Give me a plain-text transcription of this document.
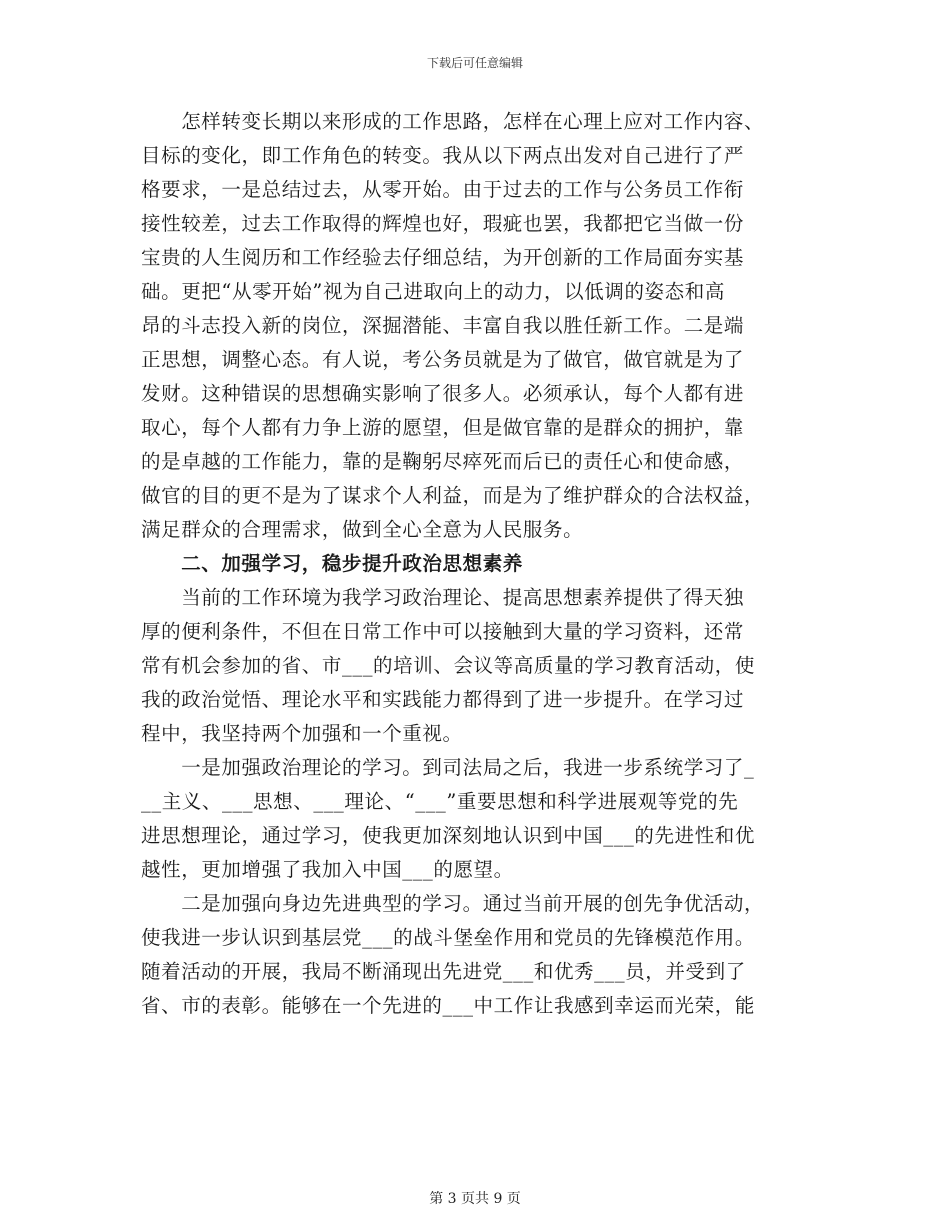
下载后可任意编辑
　　怎样转变长期以来形成的工作思路，怎样在心理上应对工作内容、
目标的变化，即工作角色的转变。我从以下两点出发对自己进行了严
格要求，一是总结过去，从零开始。由于过去的工作与公务员工作衔
接性较差，过去工作取得的辉煌也好，瑕疵也罢，我都把它当做一份
宝贵的人生阅历和工作经验去仔细总结，为开创新的工作局面夯实基
础。更把“从零开始”视为自己进取向上的动力，以低调的姿态和高
昂的斗志投入新的岗位，深掘潜能、丰富自我以胜任新工作。二是端
正思想，调整心态。有人说，考公务员就是为了做官，做官就是为了
发财。这种错误的思想确实影响了很多人。必须承认，每个人都有进
取心，每个人都有力争上游的愿望，但是做官靠的是群众的拥护，靠
的是卓越的工作能力，靠的是鞠躬尽瘁死而后已的责任心和使命感，
做官的目的更不是为了谋求个人利益，而是为了维护群众的合法权益，
满足群众的合理需求，做到全心全意为人民服务。
　　二、加强学习，稳步提升政治思想素养
　　当前的工作环境为我学习政治理论、提高思想素养提供了得天独
厚的便利条件，不但在日常工作中可以接触到大量的学习资料，还常
常有机会参加的省、市___的培训、会议等高质量的学习教育活动，使
我的政治觉悟、理论水平和实践能力都得到了进一步提升。在学习过
程中，我坚持两个加强和一个重视。
　　一是加强政治理论的学习。到司法局之后，我进一步系统学习了_
__主义、___思想、___理论、“___”重要思想和科学进展观等党的先
进思想理论，通过学习，使我更加深刻地认识到中国___的先进性和优
越性，更加增强了我加入中国___的愿望。
　　二是加强向身边先进典型的学习。通过当前开展的创先争优活动，
使我进一步认识到基层党___的战斗堡垒作用和党员的先锋模范作用。
随着活动的开展，我局不断涌现出先进党___和优秀___员，并受到了
省、市的表彰。能够在一个先进的___中工作让我感到幸运而光荣，能
第 3 页共 9 页
